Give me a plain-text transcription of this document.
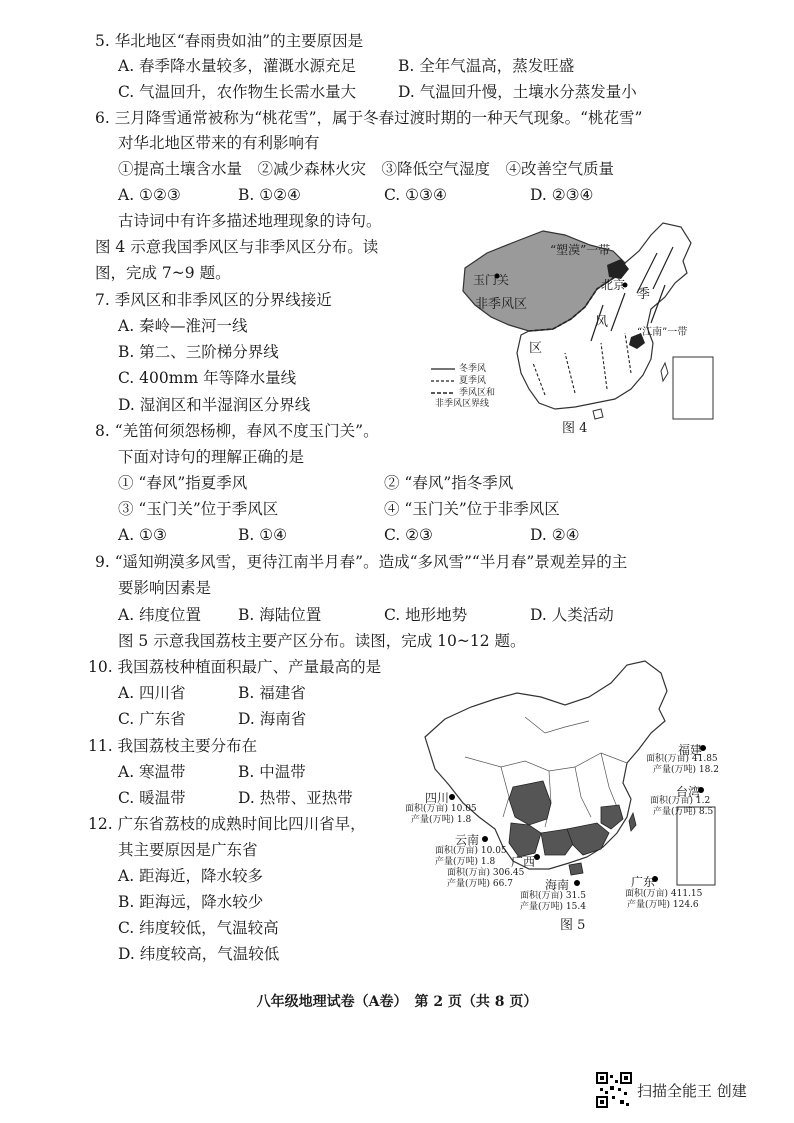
5. 华北地区“春雨贵如油”的主要原因是
A. 春季降水量较多，灌溉水源充足	B. 全年气温高，蒸发旺盛
C. 气温回升，农作物生长需水量大	D. 气温回升慢，土壤水分蒸发量小
6. 三月降雪通常被称为“桃花雪”，属于冬春过渡时期的一种天气现象。“桃花雪”
对华北地区带来的有利影响有
①提高土壤含水量　②减少森林火灾　③降低空气湿度　④改善空气质量
A. ①②③	B. ①②④	C. ①③④	D. ②③④
古诗词中有许多描述地理现象的诗句。
图 4 示意我国季风区与非季风区分布。读
图，完成 7~9 题。
7. 季风区和非季风区的分界线接近
A. 秦岭—淮河一线
B. 第二、三阶梯分界线
C. 400mm 年等降水量线
D. 湿润区和半湿润区分界线
8. “羌笛何须怨杨柳，春风不度玉门关”。
下面对诗句的理解正确的是
① “春风”指夏季风	② “春风”指冬季风
③ “玉门关”位于季风区	④ “玉门关”位于非季风区
A. ①③	B. ①④	C. ②③	D. ②④
9. “遥知朔漠多风雪，更待江南半月春”。造成“多风雪”“半月春”景观差异的主
要影响因素是
A. 纬度位置 B. 海陆位置	C. 地形地势	D. 人类活动
图 5 示意我国荔枝主要产区分布。读图，完成 10~12 题。
10. 我国荔枝种植面积最广、产量最高的是
A. 四川省	B. 福建省
C. 广东省	D. 海南省
11. 我国荔枝主要分布在
A. 寒温带	B. 中温带
C. 暖温带	D. 热带、亚热带
12. 广东省荔枝的成熟时间比四川省早，
其主要原因是广东省
A. 距海近，降水较多
B. 距海远，降水较少
C. 纬度较低，气温较高
D. 纬度较高，气温较低
“塑漠”一带
玉门关
非季风区
北京
季
风
区
“江南”一带
冬季风
夏季风
季风区和
非季风区界线
图 4
福建
面积(万亩) 41.85
产量(万吨) 18.2
台湾
面积(万亩) 1.2
产量(万吨) 8.5
四川
面积(万亩) 10.05
产量(万吨) 1.8
云南
面积(万亩) 10.05
产量(万吨) 1.8 广西
面积(万亩) 306.45
产量(万吨) 66.7	海南
面积(万亩) 31.5
产量(万吨) 15.4
广东
面积(万亩) 411.15
产量(万吨) 124.6
图 5
八年级地理试卷（A卷）　第 2 页（共 8 页）
扫描全能王 创建
